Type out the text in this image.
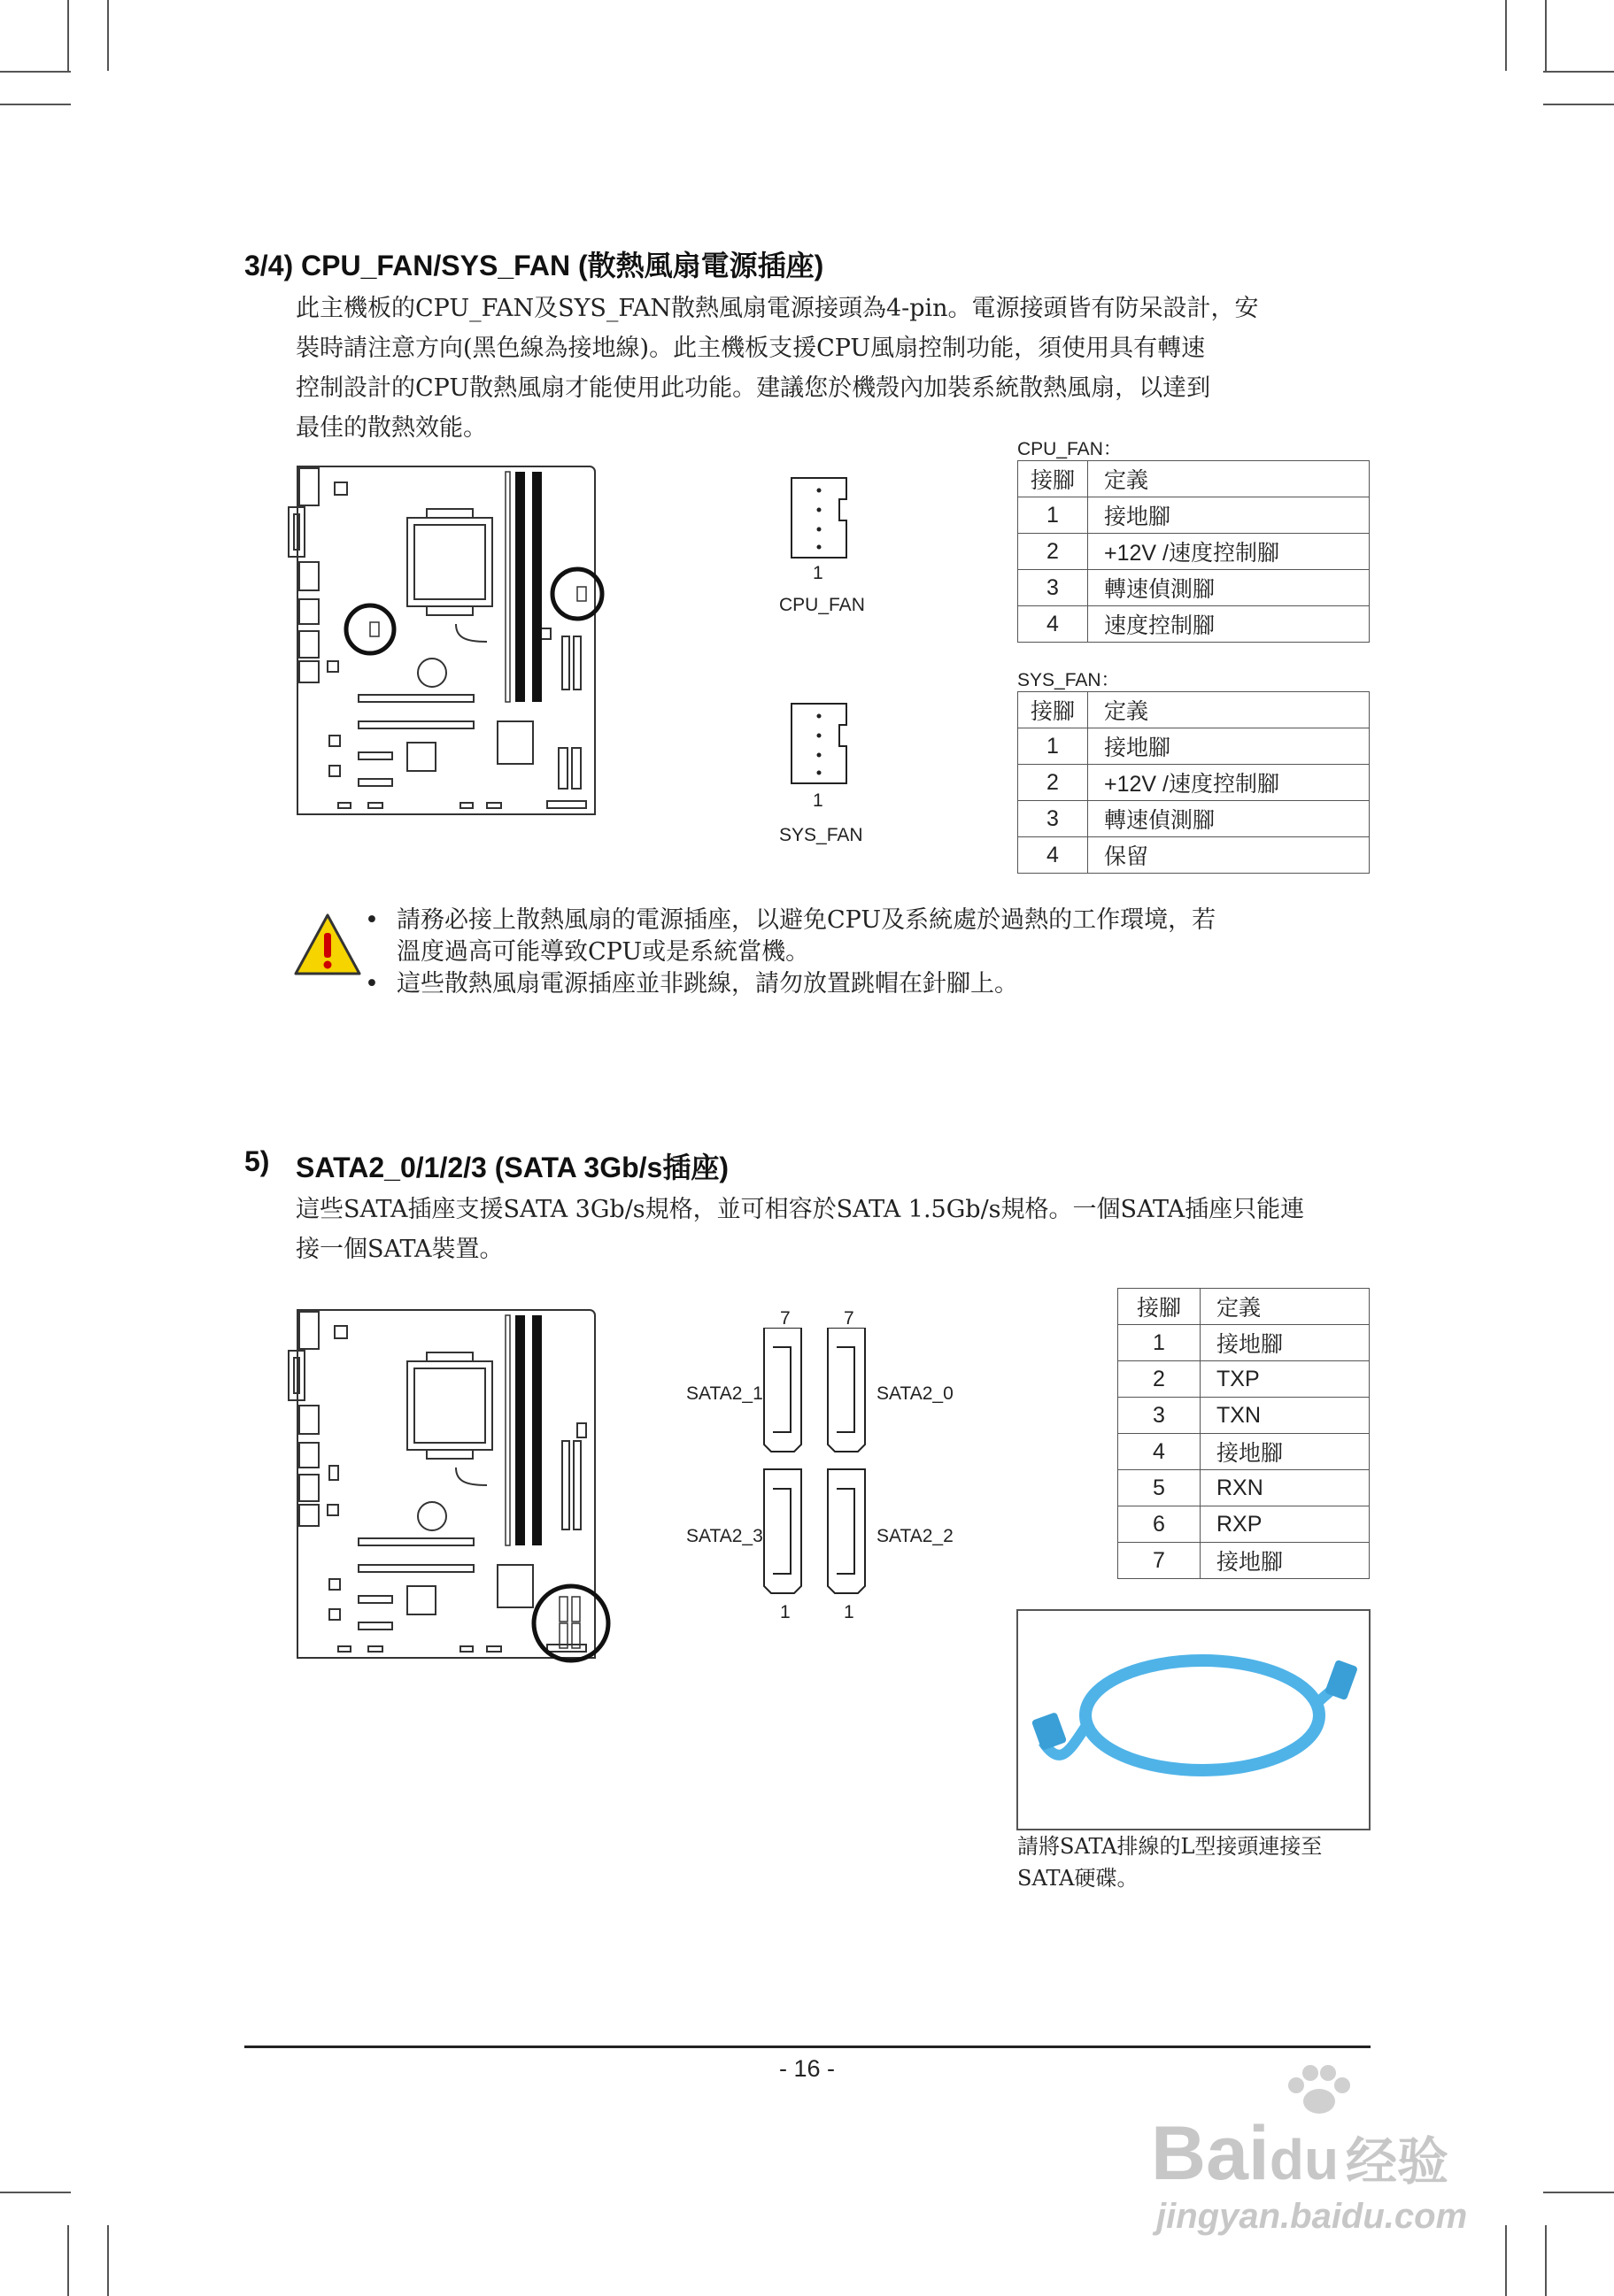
3/4) CPU_FAN/SYS_FAN (散熱風扇電源插座)
此主機板的CPU_FAN及SYS_FAN散熱風扇電源接頭為4-pin。電源接頭皆有防呆設計，安
裝時請注意方向(黑色線為接地線)。此主機板支援CPU風扇控制功能，須使用具有轉速
控制設計的CPU散熱風扇才能使用此功能。建議您於機殼內加裝系統散熱風扇，以達到
最佳的散熱效能。
1
CPU_FAN
1
SYS_FAN
CPU_FAN：
接腳	定義
1	接地腳
2	+12V /速度控制腳
3	轉速偵測腳
4	速度控制腳
SYS_FAN：
接腳	定義
1	接地腳
2	+12V /速度控制腳
3	轉速偵測腳
4	保留
• 請務必接上散熱風扇的電源插座，以避免CPU及系統處於過熱的工作環境，若
溫度過高可能導致CPU或是系統當機。
• 這些散熱風扇電源插座並非跳線，請勿放置跳帽在針腳上。
5) SATA2_0/1/2/3 (SATA 3Gb/s插座)
這些SATA插座支援SATA 3Gb/s規格，並可相容於SATA 1.5Gb/s規格。一個SATA插座只能連
接一個SATA裝置。
7	7
1	1
SATA2_1	SATA2_0
SATA2_3	SATA2_2
接腳	定義
1	接地腳
2	TXP
3	TXN
4	接地腳
5	RXN
6	RXP
7	接地腳
請將SATA排線的L型接頭連接至
SATA硬碟。
- 16 -
Baidu 经验
jingyan.baidu.com
